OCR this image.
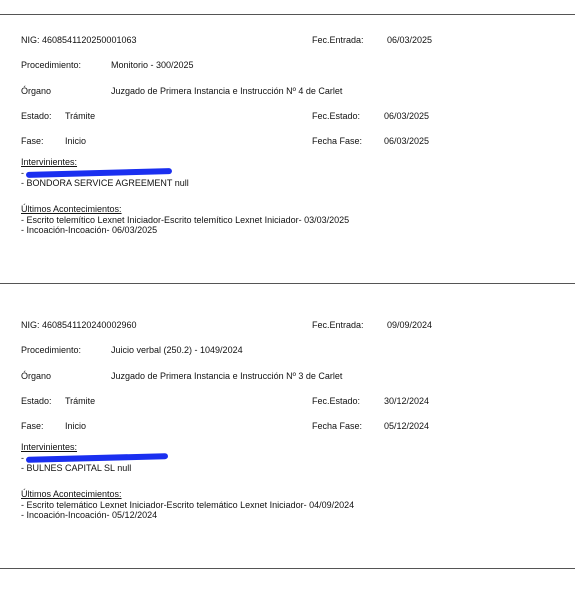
NIG: 4608541120250001063	Fec.Entrada:	06/03/2025
Procedimiento:	Monitorio - 300/2025
Órgano	Juzgado de Primera Instancia e Instrucción Nº 4 de Carlet
Estado: Trámite	Fec.Estado:	06/03/2025
Fase: Inicio	Fecha Fase: 06/03/2025
Intervinientes:
-
- BONDORA SERVICE AGREEMENT null
Últimos Acontecimientos:
- Escrito telemítico Lexnet Iniciador-Escrito telemítico Lexnet Iniciador- 03/03/2025
- Incoación-Incoación- 06/03/2025
NIG: 4608541120240002960	Fec.Entrada:	09/09/2024
Procedimiento:	Juicio verbal (250.2) - 1049/2024
Órgano	Juzgado de Primera Instancia e Instrucción Nº 3 de Carlet
Estado: Trámite	Fec.Estado:	30/12/2024
Fase: Inicio	Fecha Fase: 05/12/2024
Intervinientes:
-
- BULNES CAPITAL SL null
Últimos Acontecimientos:
- Escrito telemático Lexnet Iniciador-Escrito telemático Lexnet Iniciador- 04/09/2024
- Incoación-Incoación- 05/12/2024
